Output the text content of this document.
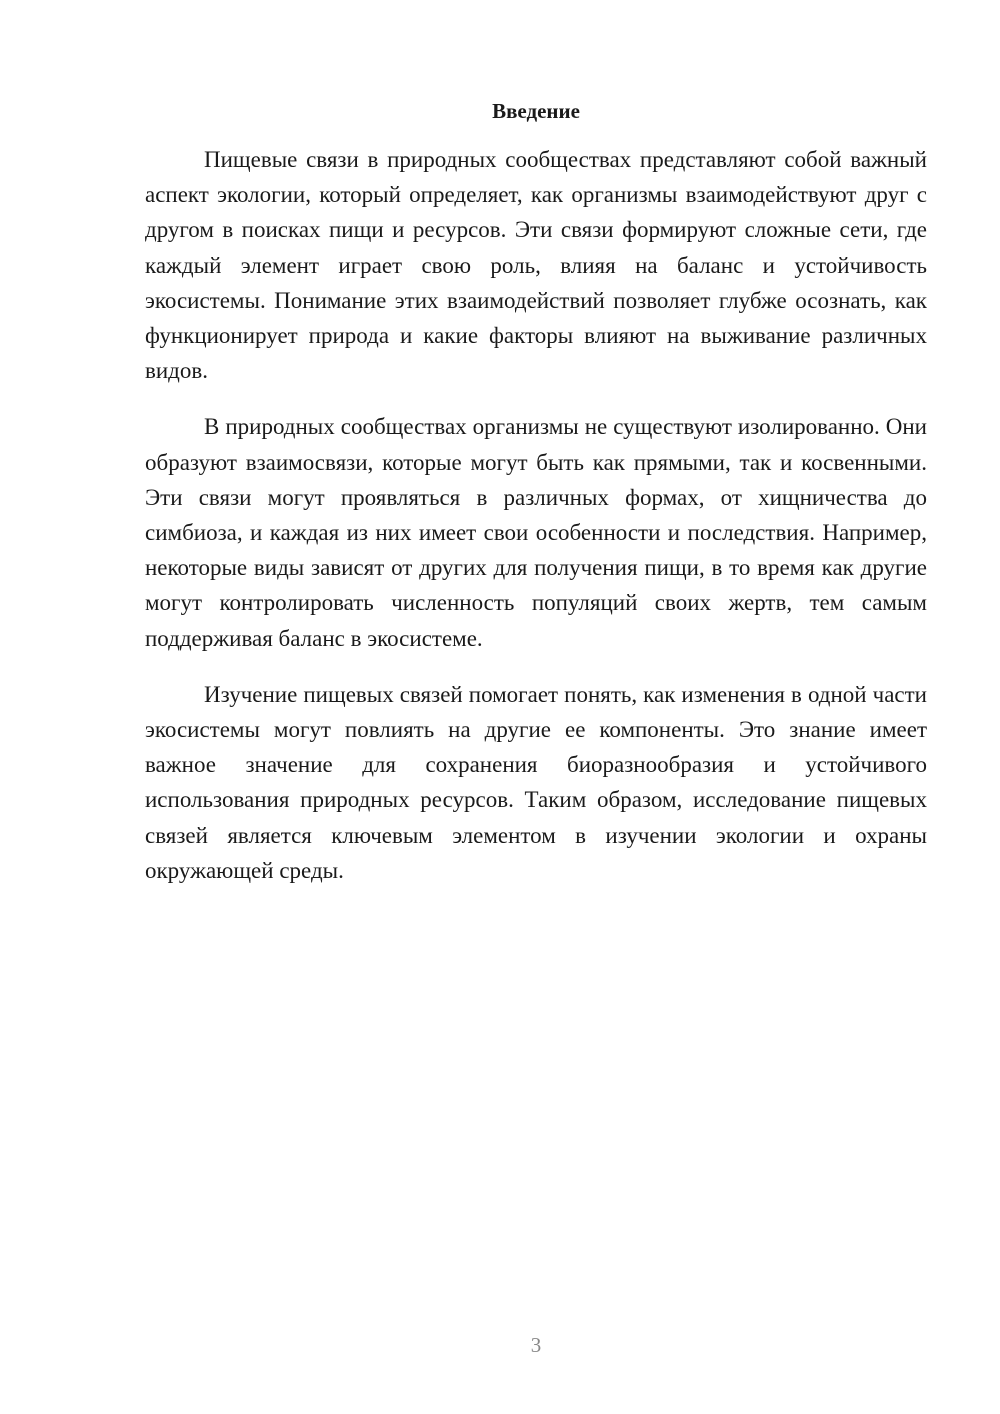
Введение

Пищевые связи в природных сообществах представляют собой важный аспект экологии, который определяет, как организмы взаимодействуют друг с другом в поисках пищи и ресурсов. Эти связи формируют сложные сети, где каждый элемент играет свою роль, влияя на баланс и устойчивость экосистемы. Понимание этих взаимодействий позволяет глубже осознать, как функционирует природа и какие факторы влияют на выживание различных видов.

В природных сообществах организмы не существуют изолированно. Они образуют взаимосвязи, которые могут быть как прямыми, так и косвенными. Эти связи могут проявляться в различных формах, от хищничества до симбиоза, и каждая из них имеет свои особенности и последствия. Например, некоторые виды зависят от других для получения пищи, в то время как другие могут контролировать численность популяций своих жертв, тем самым поддерживая баланс в экосистеме.

Изучение пищевых связей помогает понять, как изменения в одной части экосистемы могут повлиять на другие ее компоненты. Это знание имеет важное значение для сохранения биоразнообразия и устойчивого использования природных ресурсов. Таким образом, исследование пищевых связей является ключевым элементом в изучении экологии и охраны окружающей среды.

3
